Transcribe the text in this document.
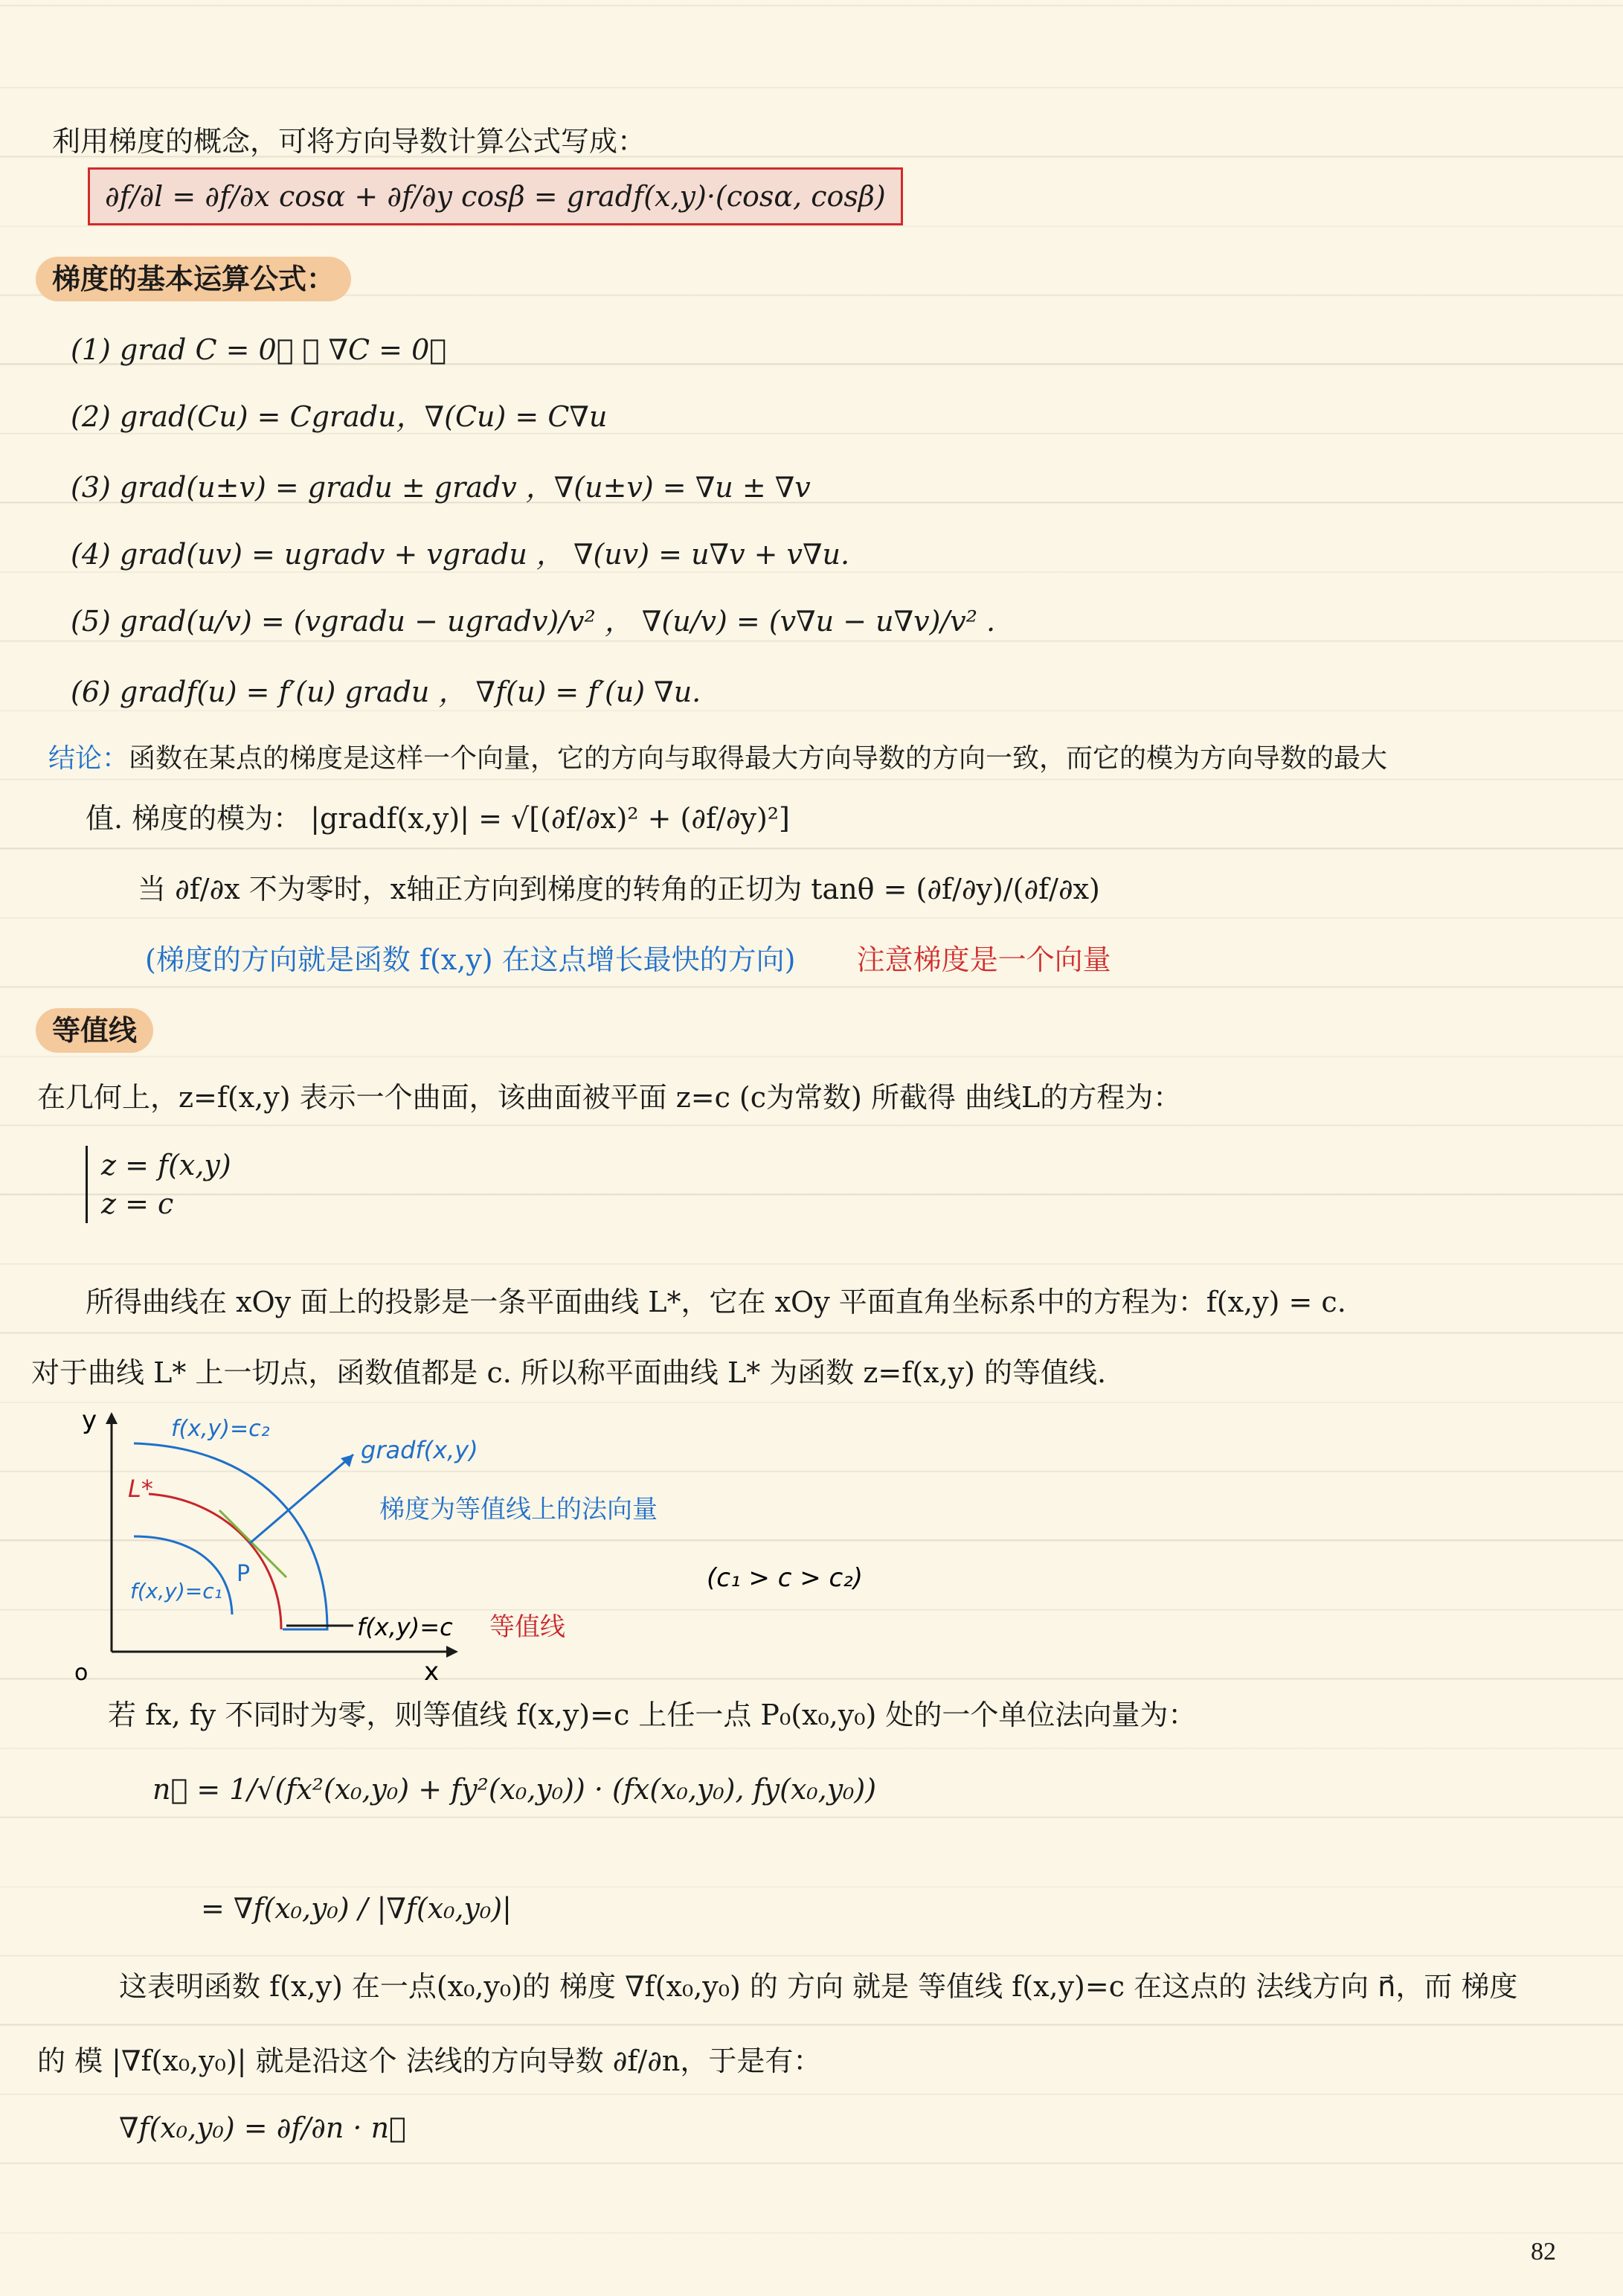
利用梯度的概念，可将方向导数计算公式写成：
∂f/∂l = ∂f/∂x cosα + ∂f/∂y cosβ = gradf(x,y)·(cosα, cosβ)
梯度的基本运算公式：
(1) grad C = 0⃗ ， ∇C = 0⃗
(2) grad(Cu) = Cgradu，∇(Cu) = C∇u
(3) grad(u±v) = gradu ± gradv ，∇(u±v) = ∇u ± ∇v
(4) grad(uv) = ugradv + vgradu ， ∇(uv) = u∇v + v∇u.
(5) grad(u/v) = (vgradu − ugradv)/v² ， ∇(u/v) = (v∇u − u∇v)/v² .
(6) gradf(u) = f′(u) gradu ， ∇f(u) = f′(u) ∇u.
结论：函数在某点的梯度是这样一个向量，它的方向与取得最大方向导数的方向一致，而它的模为方向导数的最大
值. 梯度的模为： |gradf(x,y)| = √[(∂f/∂x)² + (∂f/∂y)²]
当 ∂f/∂x 不为零时，x轴正方向到梯度的转角的正切为 tanθ = (∂f/∂y)/(∂f/∂x)
(梯度的方向就是函数 f(x,y) 在这点增长最快的方向) 注意梯度是一个向量
等值线
在几何上，z=f(x,y) 表示一个曲面，该曲面被平面 z=c (c为常数) 所截得 曲线L的方程为：
z = f(x,y)
z = c
所得曲线在 xOy 面上的投影是一条平面曲线 L*，它在 xOy 平面直角坐标系中的方程为：f(x,y) = c.
对于曲线 L* 上一切点，函数值都是 c. 所以称平面曲线 L* 为函数 z=f(x,y) 的等值线.
y
x
o
f(x,y)=c₂
f(x,y)=c₁
L*
P
gradf(x,y)
梯度为等值线上的法向量
f(x,y)=c 等值线
(c₁ > c > c₂)
若 fx, fy 不同时为零，则等值线 f(x,y)=c 上任一点 P₀(x₀,y₀) 处的一个单位法向量为：
n⃗ = 1/√(fx²(x₀,y₀) + fy²(x₀,y₀)) · (fx(x₀,y₀), fy(x₀,y₀))
= ∇f(x₀,y₀) / |∇f(x₀,y₀)|
这表明函数 f(x,y) 在一点(x₀,y₀)的 梯度 ∇f(x₀,y₀) 的 方向 就是 等值线 f(x,y)=c 在这点的 法线方向 n⃗，而 梯度
的 模 |∇f(x₀,y₀)| 就是沿这个 法线的方向导数 ∂f/∂n，于是有：
∇f(x₀,y₀) = ∂f/∂n · n⃗
82
